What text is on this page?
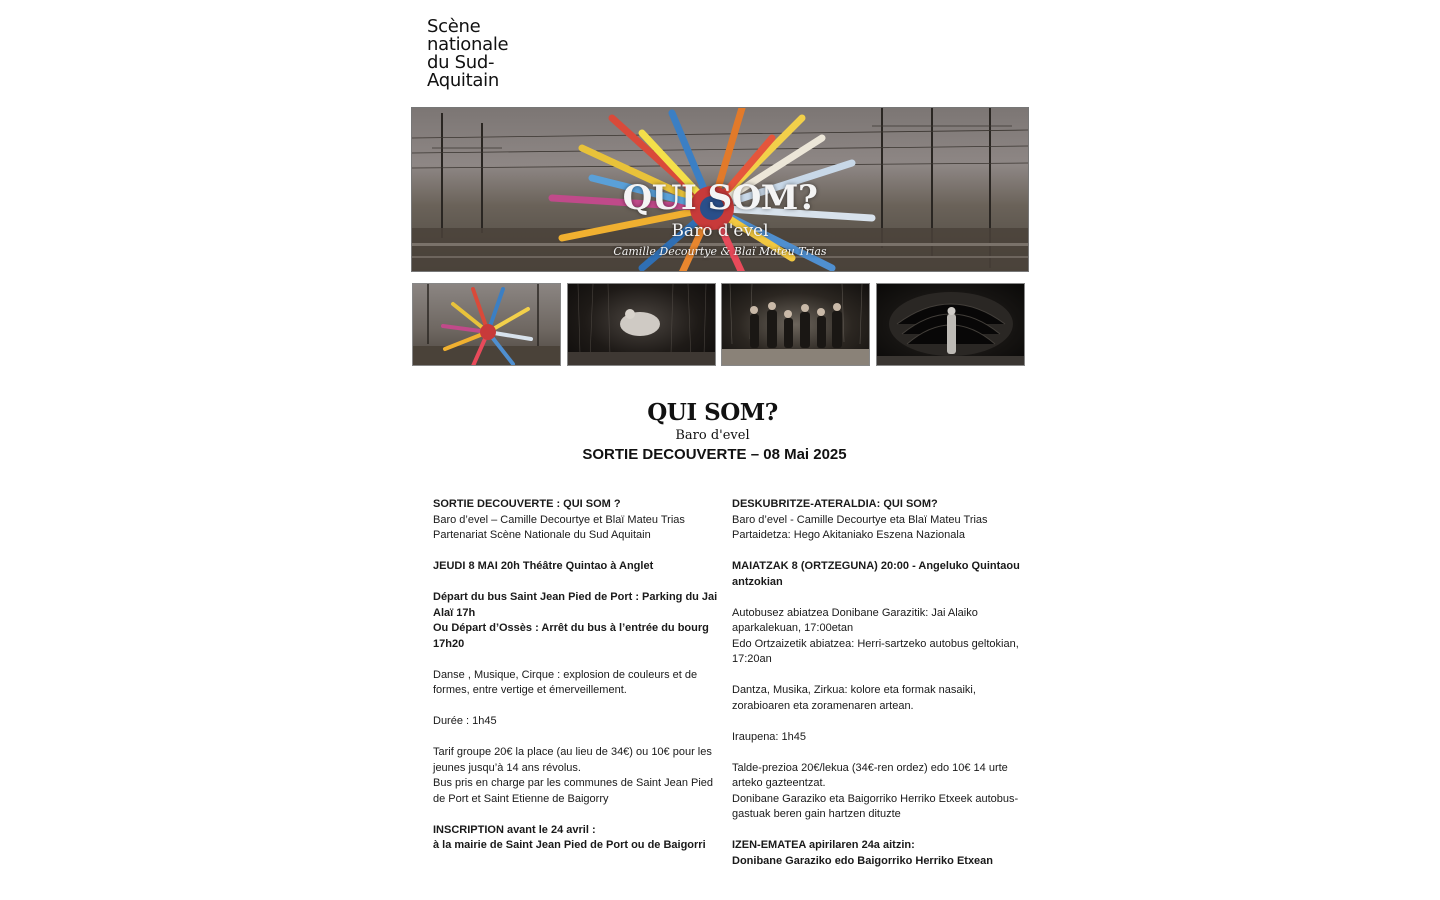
Scène
nationale
du Sud-
Aquitain
QUI SOM?
Baro d'evel
Camille Decourtye & Blaï Mateu Trias
QUI SOM?
Baro d'evel
SORTIE DECOUVERTE – 08 Mai 2025

SORTIE DECOUVERTE : QUI SOM ?

Baro d’evel – Camille Decourtye et Blaï Mateu Trias

Partenariat Scène Nationale du Sud Aquitain

JEUDI 8 MAI 20h Théâtre Quintao à Anglet

Départ du bus Saint Jean Pied de Port : Parking du Jai Alaï 17h

Ou Départ d’Ossès : Arrêt du bus à l’entrée du bourg 17h20

Danse , Musique, Cirque : explosion de couleurs et de formes, entre vertige et émerveillement.

Durée : 1h45

Tarif groupe 20€ la place (au lieu de 34€) ou 10€ pour les jeunes jusqu’à 14 ans révolus.

Bus pris en charge par les communes de Saint Jean Pied de Port et Saint Etienne de Baigorry

INSCRIPTION avant le 24 avril :

à la mairie de Saint Jean Pied de Port ou de Baigorri

DESKUBRITZE-ATERALDIA: QUI SOM?

Baro d’evel - Camille Decourtye eta Blaï Mateu Trias

Partaidetza: Hego Akitaniako Eszena Nazionala

MAIATZAK 8 (ORTZEGUNA) 20:00 - Angeluko Quintaou antzokian

Autobusez abiatzea Donibane Garazitik: Jai Alaiko aparkalekuan, 17:00etan

Edo Ortzaizetik abiatzea: Herri-sartzeko autobus geltokian, 17:20an

Dantza, Musika, Zirkua: kolore eta formak nasaiki, zorabioaren eta zoramenaren artean.

Iraupena: 1h45

Talde-prezioa 20€/lekua (34€-ren ordez) edo 10€ 14 urte arteko gazteentzat.

Donibane Garaziko eta Baigorriko Herriko Etxeek autobus-gastuak beren gain hartzen dituzte

IZEN-EMATEA apirilaren 24a aitzin:

Donibane Garaziko edo Baigorriko Herriko Etxean
